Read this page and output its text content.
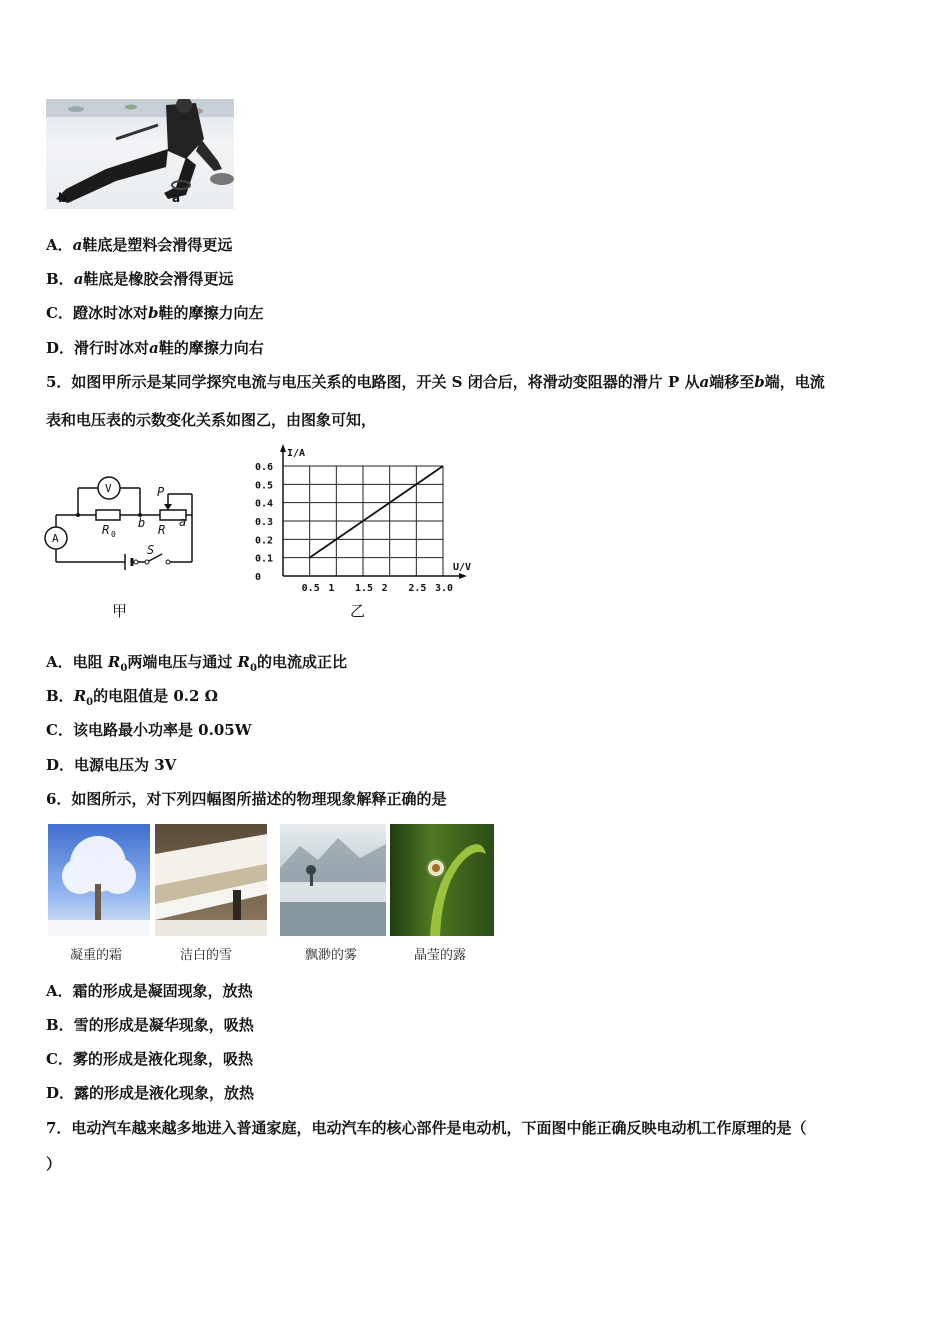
b	a
A．a鞋底是塑料会滑得更远
B．a鞋底是橡胶会滑得更远
C．蹬冰时冰对b鞋的摩擦力向左
D．滑行时冰对a鞋的摩擦力向右
5．如图甲所示是某同学探究电流与电压关系的电路图，开关 S 闭合后，将滑动变阻器的滑片 P 从a端移至b端，电流
表和电压表的示数变化关系如图乙，由图象可知，
V
A
R 0	R
P
b	a
S
甲
0.5 1 1.5 2 2.5 3.0
0
0.1
0.2
0.3
0.4
0.5
0.6
U/V
I/A
乙
A．电阻 $R_0$两端电压与通过 $R_0$的电流成正比
B．$R_0$的电阻值是 0.2 Ω
C．该电路最小功率是 0.05W
D．电源电压为 3V
6．如图所示，对下列四幅图所描述的物理现象解释正确的是
凝重的霜	洁白的雪	飘渺的雾	晶莹的露
A．霜的形成是凝固现象，放热
B．雪的形成是凝华现象，吸热
C．雾的形成是液化现象，吸热
D．露的形成是液化现象，放热
7．电动汽车越来越多地进入普通家庭，电动汽车的核心部件是电动机，下面图中能正确反映电动机工作原理的是（
）
